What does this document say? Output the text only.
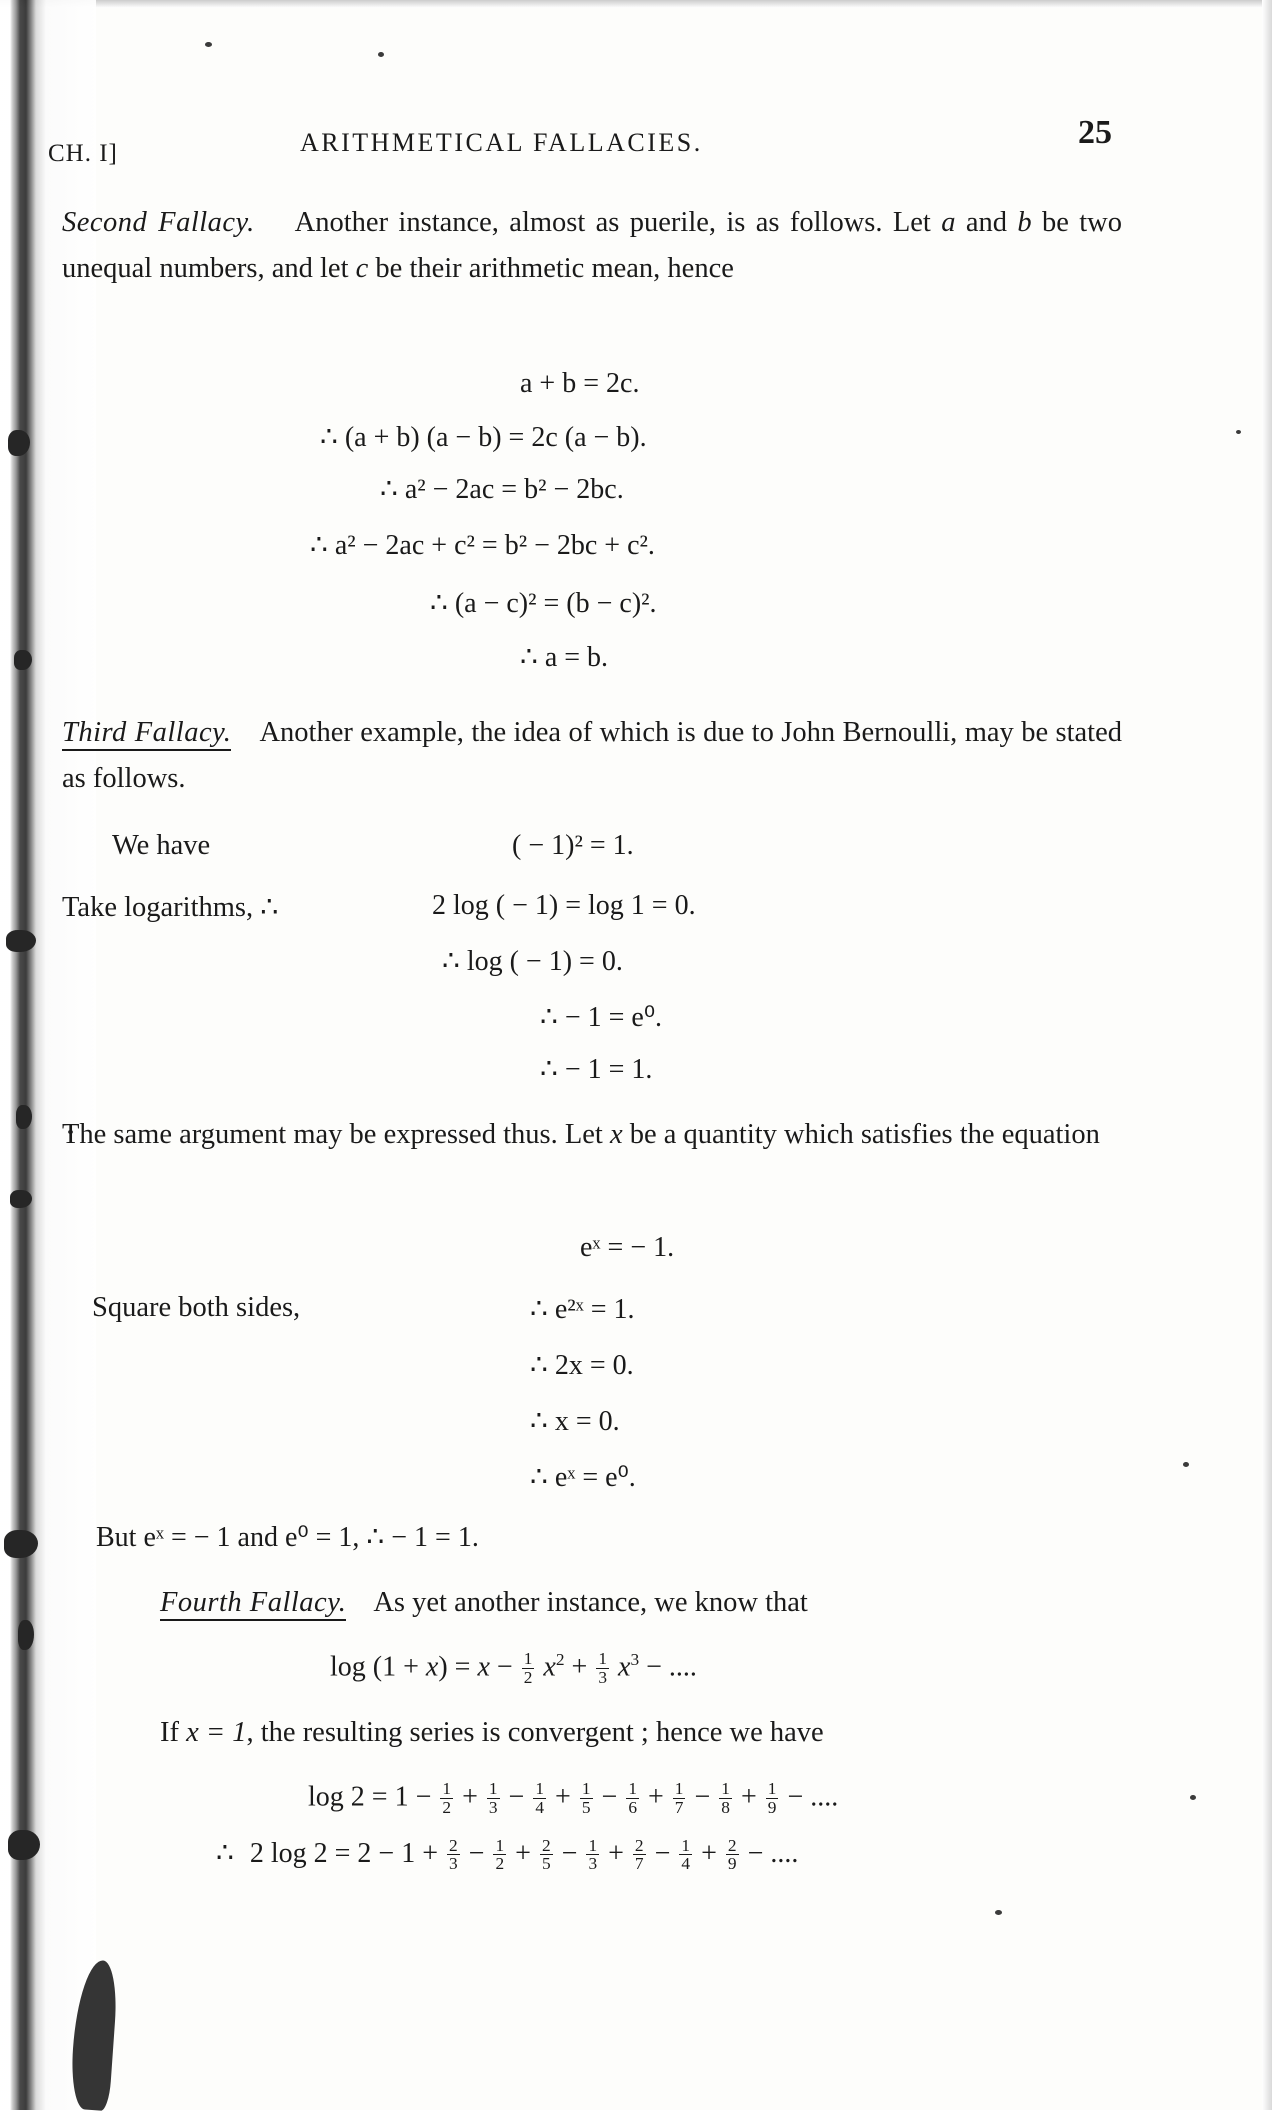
CH. I]	ARITHMETICAL FALLACIES.	25
Second Fallacy. Another instance, almost as puerile, is as follows. Let a and b be two unequal numbers, and let c be their arithmetic mean, hence
a + b = 2c.
∴ (a + b) (a − b) = 2c (a − b).
∴ a² − 2ac = b² − 2bc.
∴ a² − 2ac + c² = b² − 2bc + c².
∴ (a − c)² = (b − c)².
∴ a = b.
Third Fallacy. Another example, the idea of which is due to John Bernoulli, may be stated as follows.
We have	( − 1)² = 1.
Take logarithms, ∴	2 log ( − 1) = log 1 = 0.
∴ log ( − 1) = 0.
∴ − 1 = e⁰.
∴ − 1 = 1.
The same argument may be expressed thus. Let x be a quantity which satisfies the equation
eˣ = − 1.
Square both sides,	∴ e²ˣ = 1.
∴ 2x = 0.
∴ x = 0.
∴ eˣ = e⁰.
But eˣ = − 1 and e⁰ = 1, ∴ − 1 = 1.
Fourth Fallacy. As yet another instance, we know that
$\log (1 + x) = x - \frac{1}{2} x^2 + \frac{1}{3} x^3$ − ....
If x = 1, the resulting series is convergent ; hence we have
$\log 2 = 1 - \frac{1}{2} + \frac{1}{3} - \frac{1}{4} + \frac{1}{5} - \frac{1}{6} + \frac{1}{7} - \frac{1}{8} + \frac{1}{9}$ − ....
∴  2 $\log 2 = 2 - 1 + \frac{2}{3} - \frac{1}{2} + \frac{2}{5} - \frac{1}{3} + \frac{2}{7} - \frac{1}{4} + \frac{2}{9}$ − ....
